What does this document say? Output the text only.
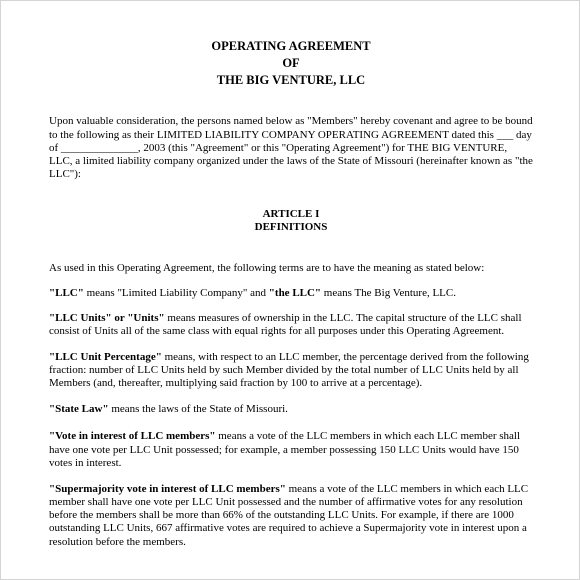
OPERATING AGREEMENT
OF
THE BIG VENTURE, LLC
Upon valuable consideration, the persons named below as "Members" hereby covenant and agree to be bound
to the following as their LIMITED LIABILITY COMPANY OPERATING AGREEMENT dated this ___ day
of ______________, 2003 (this "Agreement" or this "Operating Agreement") for THE BIG VENTURE,
LLC, a limited liability company organized under the laws of the State of Missouri (hereinafter known as "the
LLC"):
ARTICLE I
DEFINITIONS
As used in this Operating Agreement, the following terms are to have the meaning as stated below:
"LLC" means "Limited Liability Company" and "the LLC" means The Big Venture, LLC.
"LLC Units" or "Units" means measures of ownership in the LLC. The capital structure of the LLC shall
consist of Units all of the same class with equal rights for all purposes under this Operating Agreement.
"LLC Unit Percentage" means, with respect to an LLC member, the percentage derived from the following
fraction: number of LLC Units held by such Member divided by the total number of LLC Units held by all
Members (and, thereafter, multiplying said fraction by 100 to arrive at a percentage).
"State Law" means the laws of the State of Missouri.
"Vote in interest of LLC members" means a vote of the LLC members in which each LLC member shall
have one vote per LLC Unit possessed; for example, a member possessing 150 LLC Units would have 150
votes in interest.
"Supermajority vote in interest of LLC members" means a vote of the LLC members in which each LLC
member shall have one vote per LLC Unit possessed and the number of affirmative votes for any resolution
before the members shall be more than 66% of the outstanding LLC Units. For example, if there are 1000
outstanding LLC Units, 667 affirmative votes are required to achieve a Supermajority vote in interest upon a
resolution before the members.
